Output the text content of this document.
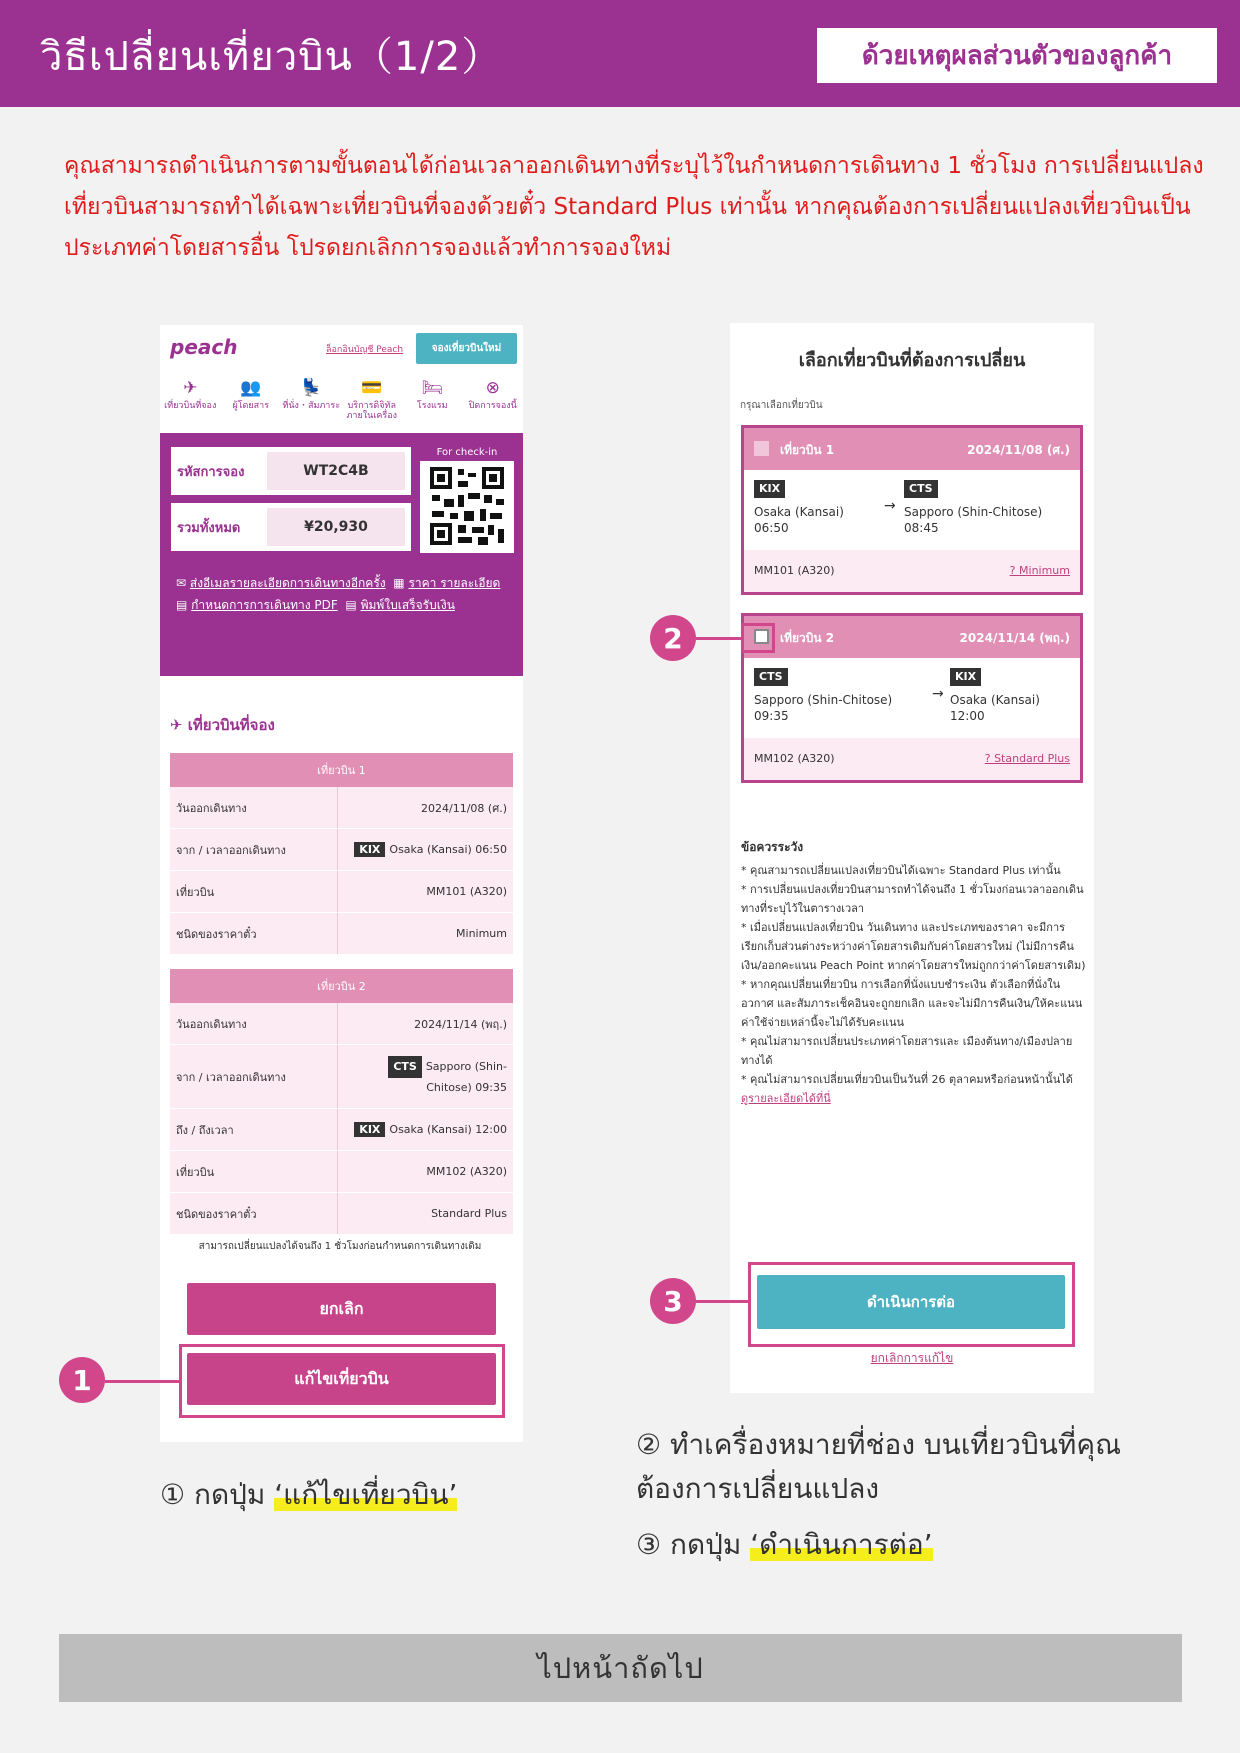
วิธีเปลี่ยนเที่ยวบิน（1/2）	ด้วยเหตุผลส่วนตัวของลูกค้า
คุณสามารถดำเนินการตามขั้นตอนได้ก่อนเวลาออกเดินทางที่ระบุไว้ในกำหนดการเดินทาง 1 ชั่วโมง การเปลี่ยนแปลงเที่ยวบินสามารถทำได้เฉพาะเที่ยวบินที่จองด้วยตั๋ว Standard Plus เท่านั้น หากคุณต้องการเปลี่ยนแปลงเที่ยวบินเป็นประเภทค่าโดยสารอื่น โปรดยกเลิกการจองแล้วทำการจองใหม่
peach	ล็อกอินบัญชี Peach	จองเที่ยวบินใหม่
✈
เที่ยวบินที่จอง
👥
ผู้โดยสาร
💺
ที่นั่ง・สัมภาระ
💳
บริการดิจิทัล ภายในเครื่อง
🛏
โรงแรม
⊗
ปิดการจองนี้
รหัสการจอง	WT2C4B
รวมทั้งหมด	¥20,930
For check-in
✉ ส่งอีเมลรายละเอียดการเดินทางอีกครั้ง ▦ ราคา รายละเอียด
▤ กำหนดการการเดินทาง PDF ▤ พิมพ์ใบเสร็จรับเงิน
✈ เที่ยวบินที่จอง
เที่ยวบิน 1
วันออกเดินทาง	2024/11/08 (ศ.)
จาก / เวลาออกเดินทาง	KIX Osaka (Kansai) 06:50
เที่ยวบิน	MM101 (A320)
ชนิดของราคาตั๋ว	Minimum
เที่ยวบิน 2
วันออกเดินทาง	2024/11/14 (พฤ.)
จาก / เวลาออกเดินทาง
CTS Sapporo (Shin-Chitose) 09:35
ถึง / ถึงเวลา	KIX Osaka (Kansai) 12:00
เที่ยวบิน	MM102 (A320)
ชนิดของราคาตั๋ว	Standard Plus
สามารถเปลี่ยนแปลงได้จนถึง 1 ชั่วโมงก่อนกำหนดการเดินทางเดิม
ยกเลิก
แก้ไขเที่ยวบิน
เลือกเที่ยวบินที่ต้องการเปลี่ยน
กรุณาเลือกเที่ยวบิน
เที่ยวบิน 1	2024/11/08 (ศ.)
KIX
Osaka (Kansai)
06:50
→
CTS
Sapporo (Shin-Chitose)
08:45
MM101 (A320)	? Minimum
เที่ยวบิน 2	2024/11/14 (พฤ.)
CTS
Sapporo (Shin-Chitose)
09:35
→
KIX
Osaka (Kansai)
12:00
MM102 (A320)	? Standard Plus
ข้อควรระวัง
* คุณสามารถเปลี่ยนแปลงเที่ยวบินได้เฉพาะ Standard Plus เท่านั้น
* การเปลี่ยนแปลงเที่ยวบินสามารถทำได้จนถึง 1 ชั่วโมงก่อนเวลาออกเดินทางที่ระบุไว้ในตารางเวลา
* เมื่อเปลี่ยนแปลงเที่ยวบิน วันเดินทาง และประเภทของราคา จะมีการเรียกเก็บส่วนต่างระหว่างค่าโดยสารเดิมกับค่าโดยสารใหม่ (ไม่มีการคืนเงิน/ออกคะแนน Peach Point หากค่าโดยสารใหม่ถูกกว่าค่าโดยสารเดิม)
* หากคุณเปลี่ยนเที่ยวบิน การเลือกที่นั่งแบบชำระเงิน ตัวเลือกที่นั่งในอวกาศ และสัมภาระเช็คอินจะถูกยกเลิก และจะไม่มีการคืนเงิน/ให้คะแนนค่าใช้จ่ายเหล่านี้จะไม่ได้รับคะแนน
* คุณไม่สามารถเปลี่ยนประเภทค่าโดยสารและ เมืองต้นทาง/เมืองปลายทางได้
* คุณไม่สามารถเปลี่ยนเที่ยวบินเป็นวันที่ 26 ตุลาคมหรือก่อนหน้านั้นได้
ดูรายละเอียดได้ที่นี่
ดำเนินการต่อ
ยกเลิกการแก้ไข
1
2
3
① กดปุ่ม ‘แก้ไขเที่ยวบิน’
② ทำเครื่องหมายที่ช่อง บนเที่ยวบินที่คุณต้องการเปลี่ยนแปลง
③ กดปุ่ม ‘ดำเนินการต่อ’
ไปหน้าถัดไป
